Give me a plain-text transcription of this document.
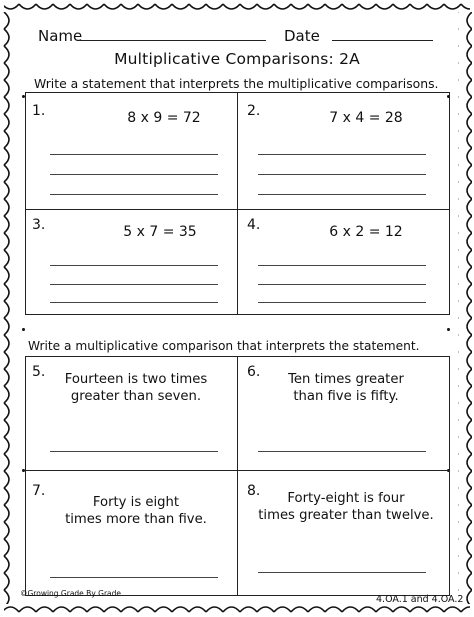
Name	Date
Multiplicative Comparisons: 2A
Write a statement that interprets the multiplicative comparisons.
1.	8 x 9 = 72	2.	7 x 4 = 28
3.	5 x 7 = 35	4.	6 x 2 = 12
Write a multiplicative comparison that interprets the statement.
5.	Fourteen is two times
greater than seven.
6.	Ten times greater
than five is fifty.
7.
Forty is eight
times more than five.
8.	Forty-eight is four
times greater than twelve.
©Growing Grade By Grade
4.OA.1 and 4.OA.2
